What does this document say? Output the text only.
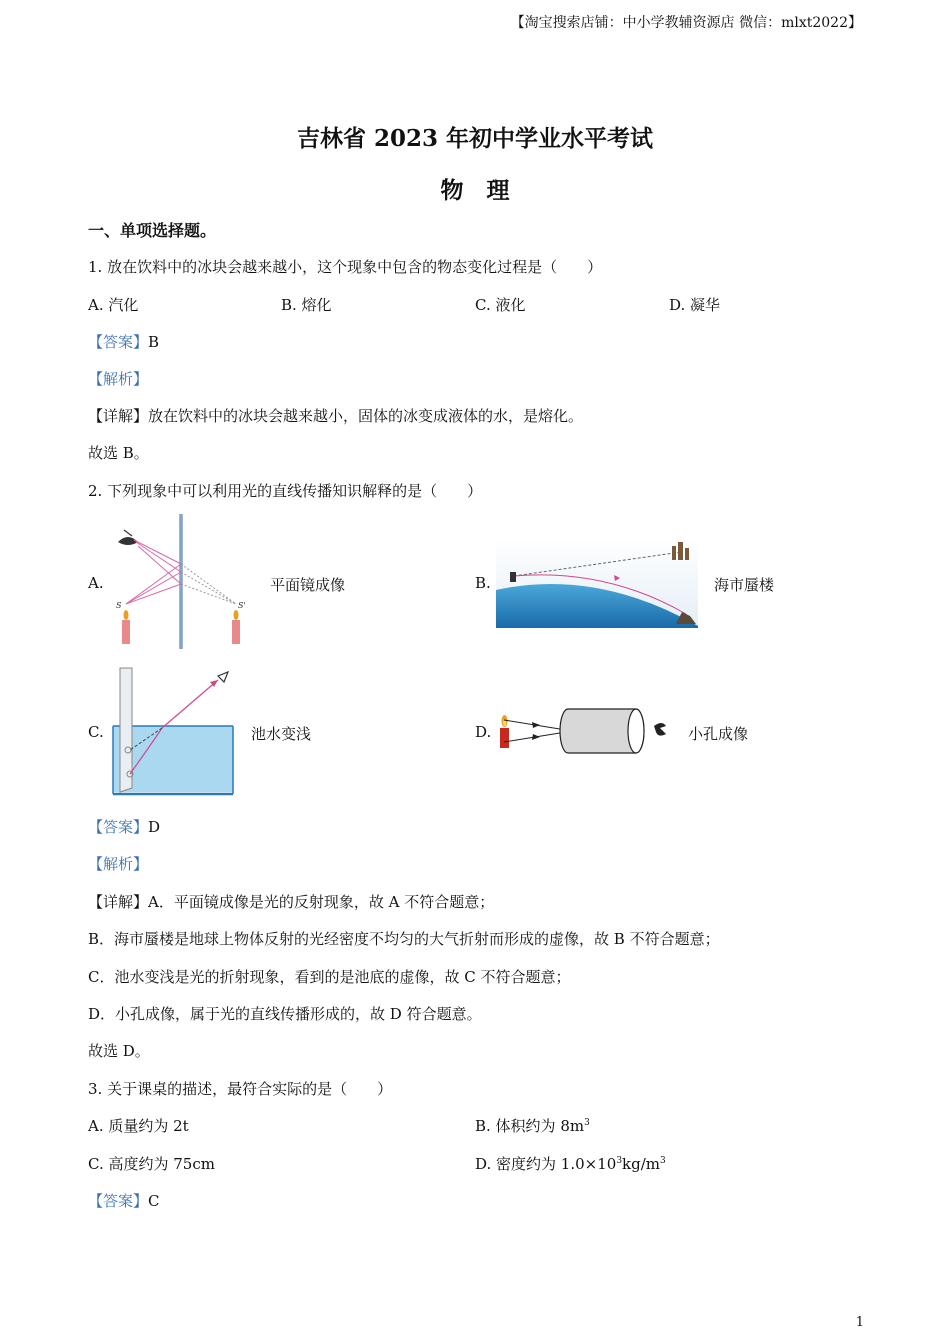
【淘宝搜索店铺：中小学教辅资源店 微信：mlxt2022】
吉林省 2023 年初中学业水平考试
物　理
一、单项选择题。
1. 放在饮料中的冰块会越来越小，这个现象中包含的物态变化过程是（　　）
A. 汽化	B. 熔化	C. 液化	D. 凝华
【答案】B
【解析】
【详解】放在饮料中的冰块会越来越小，固体的冰变成液体的水，是熔化。
故选 B。
2. 下列现象中可以利用光的直线传播知识解释的是（　　）
A.
S	S'
平面镜成像	B.	海市蜃楼
C.	池水变浅	D.	小孔成像
【答案】D
【解析】
【详解】A．平面镜成像是光的反射现象，故 A 不符合题意；
B．海市蜃楼是地球上物体反射的光经密度不均匀的大气折射而形成的虚像，故 B 不符合题意；
C．池水变浅是光的折射现象，看到的是池底的虚像，故 C 不符合题意；
D．小孔成像，属于光的直线传播形成的，故 D 符合题意。
故选 D。
3. 关于课桌的描述，最符合实际的是（　　）
A. 质量约为 2t	B. 体积约为 $8m^3$
C. 高度约为 75cm	D. 密度约为 $1.0\times 10^3kg/m^3$
【答案】C
1
